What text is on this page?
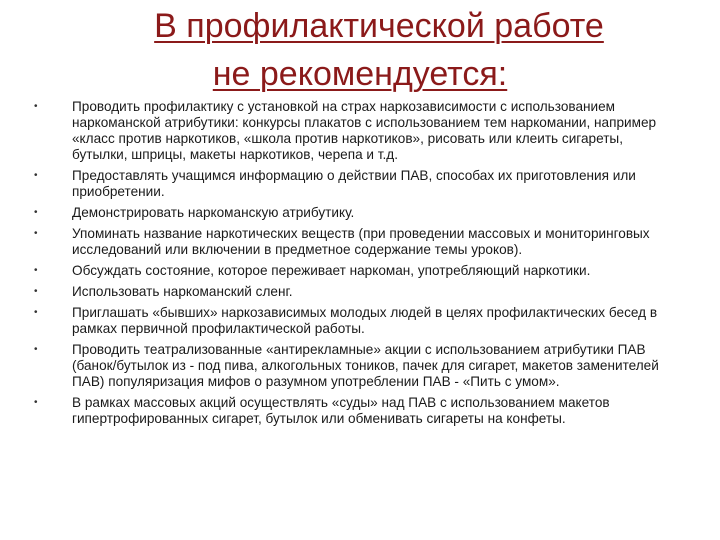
В профилактической работе
не рекомендуется:
•	Проводить профилактику с установкой на страх наркозависимости с использованием наркоманской атрибутики: конкурсы плакатов с использованием тем наркомании, например «класс против наркотиков, «школа против наркотиков», рисовать или клеить сигареты, бутылки, шприцы, макеты наркотиков, черепа и т.д.
•	Предоставлять учащимся информацию о действии ПАВ, способах их приготовления или приобретении.
•	Демонстрировать наркоманскую атрибутику.
•	Упоминать название наркотических веществ (при проведении массовых и мониторинговых исследований или включении в предметное содержание темы уроков).
•	Обсуждать состояние, которое переживает наркоман, употребляющий наркотики.
•	Использовать наркоманский сленг.
•	Приглашать «бывших» наркозависимых молодых людей в целях профилактических бесед в рамках первичной профилактической работы.
•	Проводить театрализованные «антирекламные» акции с использованием атрибутики ПАВ (банок/бутылок из - под пива, алкогольных тоников, пачек для сигарет, макетов заменителей ПАВ) популяризация мифов о разумном употреблении ПАВ - «Пить с умом».
•	В рамках массовых акций осуществлять «суды» над ПАВ с использованием макетов гипертрофированных сигарет, бутылок или обменивать сигареты на конфеты.
